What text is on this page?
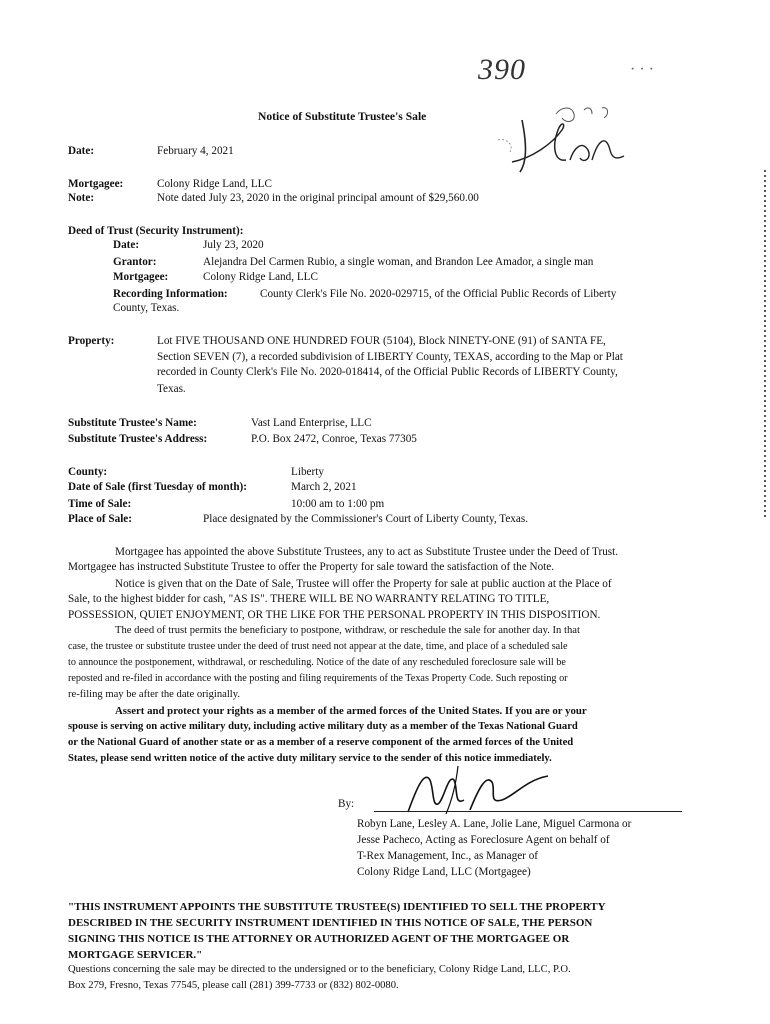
390	· · ·
Notice of Substitute Trustee's Sale
Date:	February 4, 2021
Mortgagee:	Colony Ridge Land, LLC
Note:	Note dated July 23, 2020 in the original principal amount of $29,560.00
Deed of Trust (Security Instrument):
Date:	July 23, 2020
Grantor:	Alejandra Del Carmen Rubio, a single woman, and Brandon Lee Amador, a single man
Mortgagee:	Colony Ridge Land, LLC
Recording Information:	County Clerk's File No. 2020-029715, of the Official Public Records of Liberty
County, Texas.
Property:	Lot FIVE THOUSAND ONE HUNDRED FOUR (5104), Block NINETY-ONE (91) of SANTA FE,
Section SEVEN (7), a recorded subdivision of LIBERTY County, TEXAS, according to the Map or Plat
recorded in County Clerk's File No. 2020-018414, of the Official Public Records of LIBERTY County,
Texas.
Substitute Trustee's Name:	Vast Land Enterprise, LLC
Substitute Trustee's Address:	P.O. Box 2472, Conroe, Texas 77305
County:	Liberty
Date of Sale (first Tuesday of month):	March 2, 2021
Time of Sale:	10:00 am to 1:00 pm
Place of Sale:	Place designated by the Commissioner's Court of Liberty County, Texas.
Mortgagee has appointed the above Substitute Trustees, any to act as Substitute Trustee under the Deed of Trust.
Mortgagee has instructed Substitute Trustee to offer the Property for sale toward the satisfaction of the Note.
Notice is given that on the Date of Sale, Trustee will offer the Property for sale at public auction at the Place of
Sale, to the highest bidder for cash, "AS IS". THERE WILL BE NO WARRANTY RELATING TO TITLE,
POSSESSION, QUIET ENJOYMENT, OR THE LIKE FOR THE PERSONAL PROPERTY IN THIS DISPOSITION.
The deed of trust permits the beneficiary to postpone, withdraw, or reschedule the sale for another day. In that
case, the trustee or substitute trustee under the deed of trust need not appear at the date, time, and place of a scheduled sale
to announce the postponement, withdrawal, or rescheduling. Notice of the date of any rescheduled foreclosure sale will be
reposted and re-filed in accordance with the posting and filing requirements of the Texas Property Code. Such reposting or
re-filing may be after the date originally.
Assert and protect your rights as a member of the armed forces of the United States. If you are or your
spouse is serving on active military duty, including active military duty as a member of the Texas National Guard
or the National Guard of another state or as a member of a reserve component of the armed forces of the United
States, please send written notice of the active duty military service to the sender of this notice immediately.
By:
Robyn Lane, Lesley A. Lane, Jolie Lane, Miguel Carmona or
Jesse Pacheco, Acting as Foreclosure Agent on behalf of
T-Rex Management, Inc., as Manager of
Colony Ridge Land, LLC (Mortgagee)
"THIS INSTRUMENT APPOINTS THE SUBSTITUTE TRUSTEE(S) IDENTIFIED TO SELL THE PROPERTY
DESCRIBED IN THE SECURITY INSTRUMENT IDENTIFIED IN THIS NOTICE OF SALE, THE PERSON
SIGNING THIS NOTICE IS THE ATTORNEY OR AUTHORIZED AGENT OF THE MORTGAGEE OR
MORTGAGE SERVICER."
Questions concerning the sale may be directed to the undersigned or to the beneficiary, Colony Ridge Land, LLC, P.O.
Box 279, Fresno, Texas 77545, please call (281) 399-7733 or (832) 802-0080.
